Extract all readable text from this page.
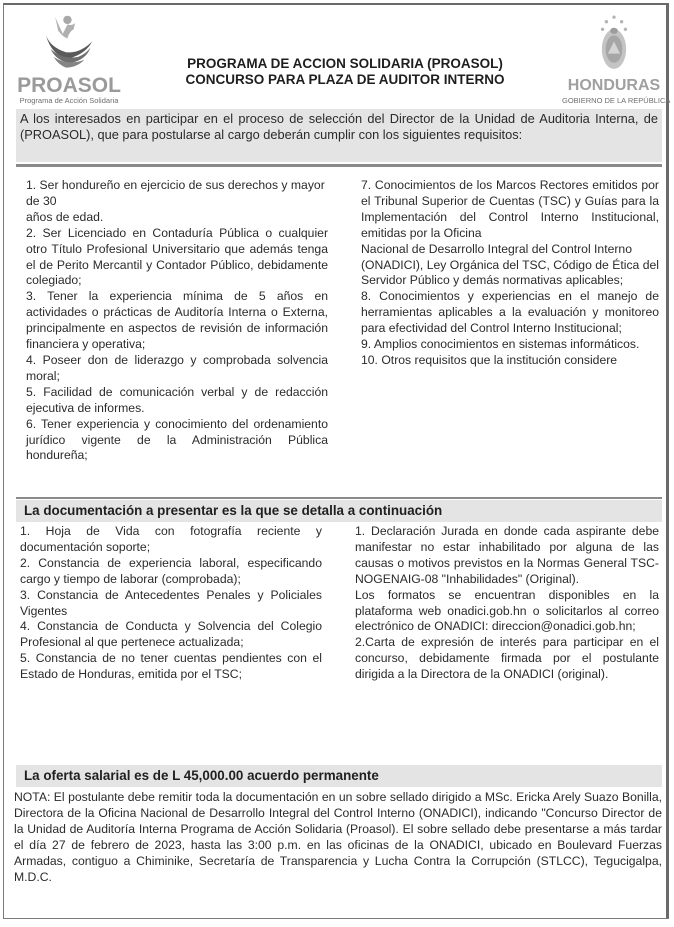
PROASOL
Programa de Acción Solidaria
PROGRAMA DE ACCION SOLIDARIA (PROASOL)
CONCURSO PARA PLAZA DE AUDITOR INTERNO	HONDURAS
GOBIERNO DE LA REPÚBLICA
A los interesados en participar en el proceso de selección del Director de la Unidad de Auditoria Interna, de (PROASOL), que para postularse al cargo deberán cumplir con los siguientes requisitos:

1. Ser hondureño en ejercicio de sus derechos y mayor de 30

años de edad.

2. Ser Licenciado en Contaduría Pública o cualquier otro Título Profesional Universitario que además tenga el de Perito Mercantil y Contador Público, debidamente colegiado;

3. Tener la experiencia mínima de 5 años en actividades o prácticas de Auditoría Interna o Externa, principalmente en aspectos de revisión de información financiera y operativa;

4. Poseer don de liderazgo y comprobada solvencia moral;

5. Facilidad de comunicación verbal y de redacción ejecutiva de informes.

6. Tener experiencia y conocimiento del ordenamiento jurídico vigente de la Administración Pública hondureña;

7. Conocimientos de los Marcos Rectores emitidos por el Tribunal Superior de Cuentas (TSC) y Guías para la Implementación del Control Interno Institucional, emitidas por la Oficina

Nacional de Desarrollo Integral del Control Interno

(ONADICI), Ley Orgánica del TSC, Código de Ética del Servidor Público y demás normativas aplicables;

8. Conocimientos y experiencias en el manejo de herramientas aplicables a la evaluación y monitoreo para efectividad del Control Interno Institucional;

9. Amplios conocimientos en sistemas informáticos.

10. Otros requisitos que la institución considere

La documentación a presentar es la que se detalla a continuación

1. Hoja de Vida con fotografía reciente y documentación soporte;

2. Constancia de experiencia laboral, especificando cargo y tiempo de laborar (comprobada);

3. Constancia de Antecedentes Penales y Policiales Vigentes

4. Constancia de Conducta y Solvencia del Colegio Profesional al que pertenece actualizada;

5. Constancia de no tener cuentas pendientes con el Estado de Honduras, emitida por el TSC;

1. Declaración Jurada en donde cada aspirante debe manifestar no estar inhabilitado por alguna de las causas o motivos previstos en la Normas General TSC-NOGENAIG-08 "Inhabilidades" (Original).

Los formatos se encuentran disponibles en la plataforma web onadici.gob.hn o solicitarlos al correo electrónico de ONADICI: direccion@onadici.gob.hn;

2.Carta de expresión de interés para participar en el concurso, debidamente firmada por el postulante dirigida a la Directora de la ONADICI (original).

La oferta salarial es de L 45,000.00 acuerdo permanente
NOTA: El postulante debe remitir toda la documentación en un sobre sellado dirigido a MSc. Ericka Arely Suazo Bonilla, Directora de la Oficina Nacional de Desarrollo Integral del Control Interno (ONADICI), indicando "Concurso Director de la Unidad de Auditoría Interna Programa de Acción Solidaria (Proasol). El sobre sellado debe presentarse a más tardar el día 27 de febrero de 2023, hasta las 3:00 p.m. en las oficinas de la ONADICI, ubicado en Boulevard Fuerzas Armadas, contiguo a Chiminike, Secretaría de Transparencia y Lucha Contra la Corrupción (STLCC), Tegucigalpa, M.D.C.
